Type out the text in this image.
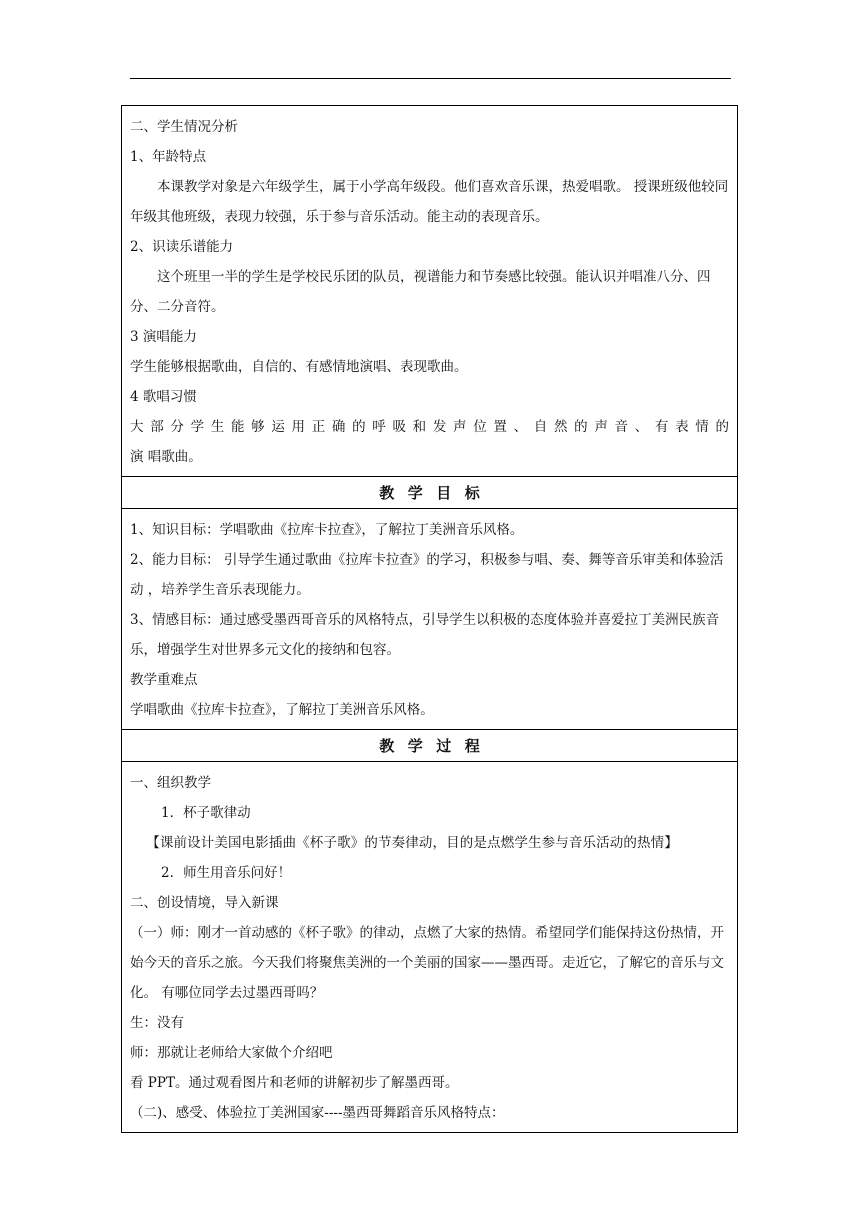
二、学生情况分析
1、年龄特点
本课教学对象是六年级学生，属于小学高年级段。他们喜欢音乐课，热爱唱歌。 授课班级他较同年级其他班级，表现力较强，乐于参与音乐活动。能主动的表现音乐。
2、识读乐谱能力
这个班里一半的学生是学校民乐团的队员，视谱能力和节奏感比较强。能认识并唱准八分、四分、二分音符。
3 演唱能力
学生能够根据歌曲，自信的、有感情地演唱、表现歌曲。
4 歌唱习惯
大部分学生能够运用正确的呼吸和发声位置、自然的声音、有表情的
演 唱歌曲。
教学目标
1、知识目标：学唱歌曲《拉库卡拉查》，了解拉丁美洲音乐风格。
2、能力目标： 引导学生通过歌曲《拉库卡拉查》的学习，积极参与唱、奏、舞等音乐审美和体验活动 ，培养学生音乐表现能力。
3、情感目标：通过感受墨西哥音乐的风格特点，引导学生以积极的态度体验并喜爱拉丁美洲民族音乐，增强学生对世界多元文化的接纳和包容。
教学重难点
学唱歌曲《拉库卡拉查》，了解拉丁美洲音乐风格。
教学过程
一、组织教学
1．杯子歌律动
【课前设计美国电影插曲《杯子歌》的节奏律动，目的是点燃学生参与音乐活动的热情】
2．师生用音乐问好！
二、创设情境，导入新课
（一）师：刚才一首动感的《杯子歌》的律动，点燃了大家的热情。希望同学们能保持这份热情，开始今天的音乐之旅。今天我们将聚焦美洲的一个美丽的国家——墨西哥。走近它，了解它的音乐与文化。 有哪位同学去过墨西哥吗？
生：没有
师：那就让老师给大家做个介绍吧
看 PPT。通过观看图片和老师的讲解初步了解墨西哥。
（二)、感受、体验拉丁美洲国家----墨西哥舞蹈音乐风格特点：
